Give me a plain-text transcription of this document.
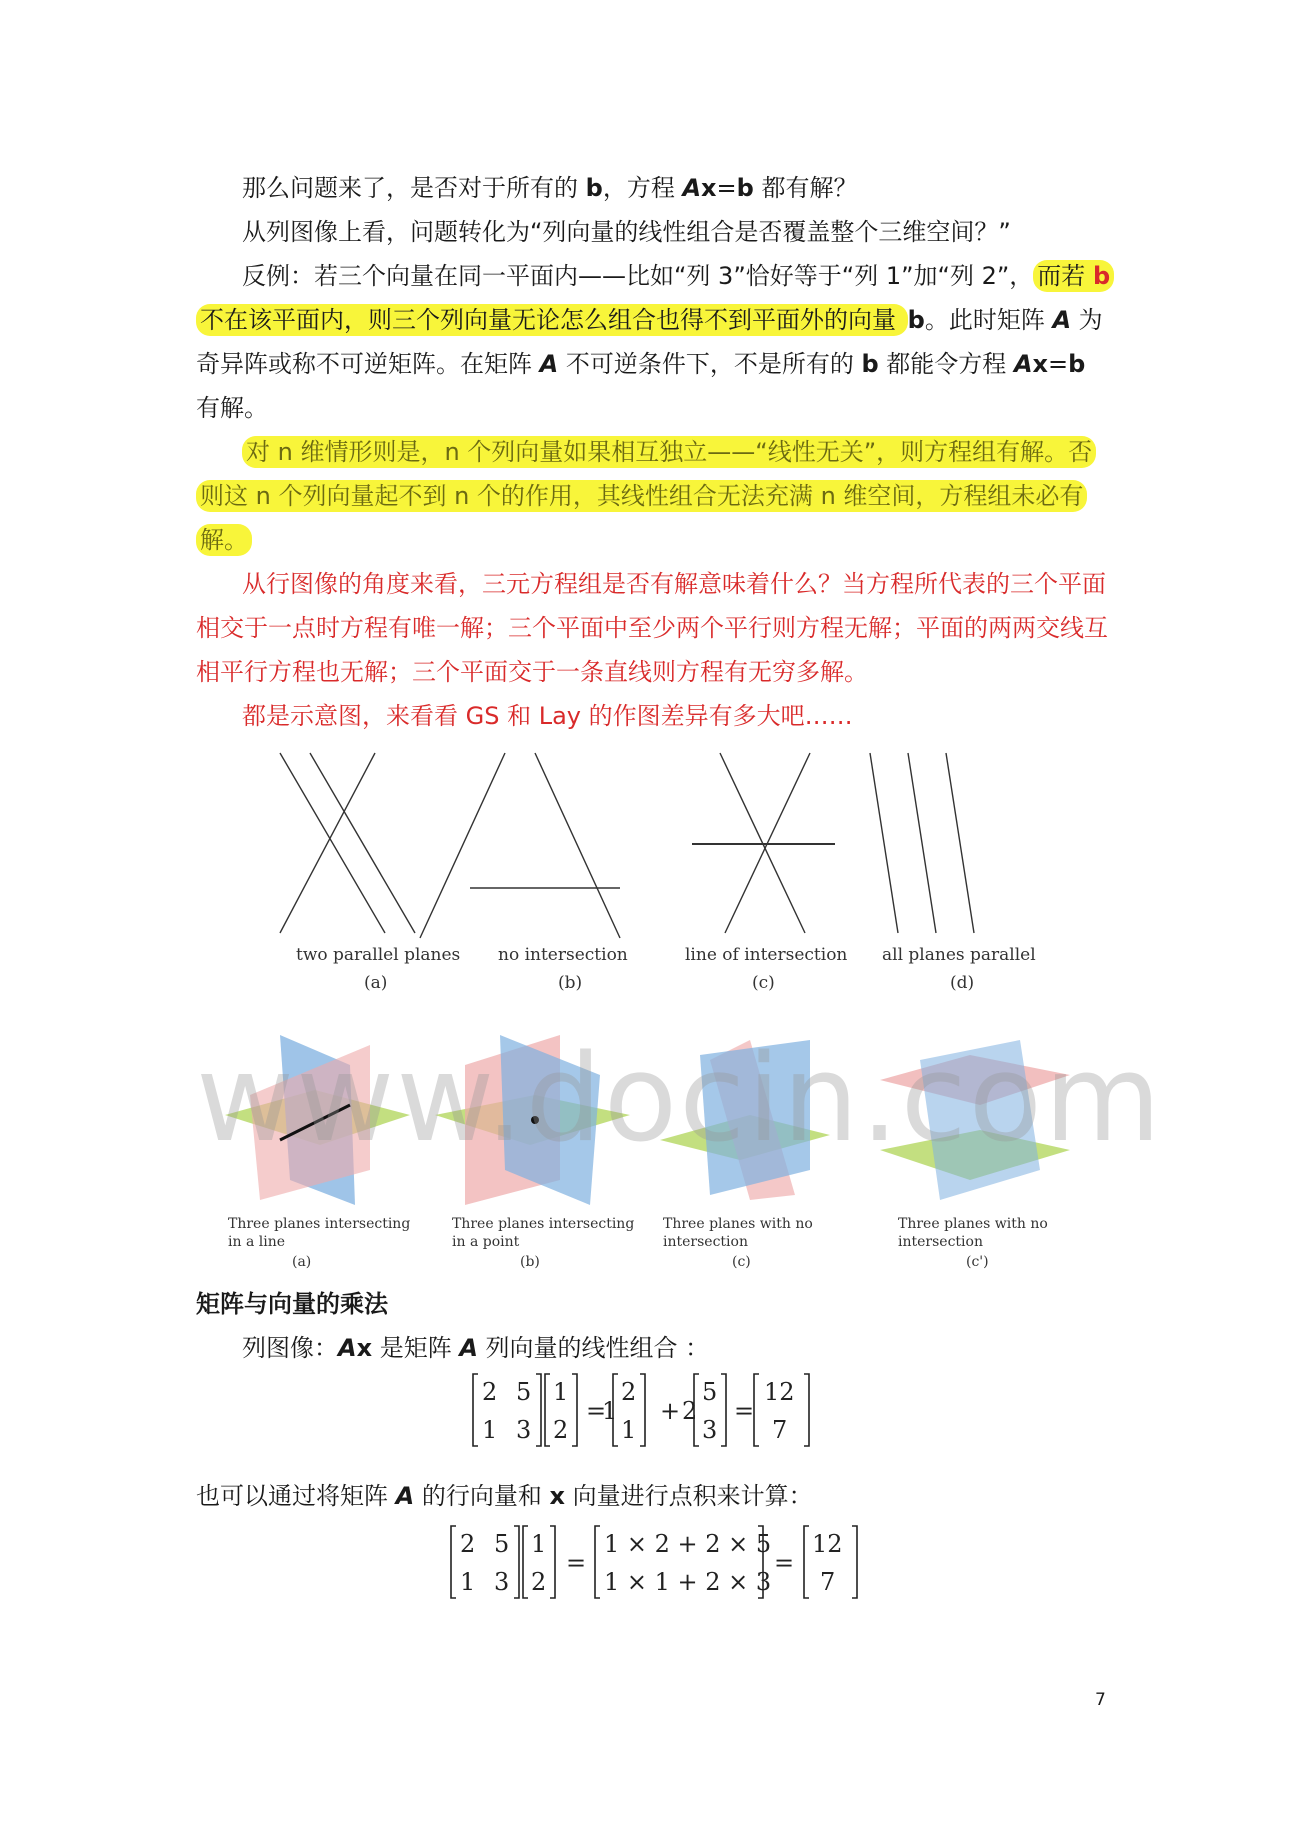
那么问题来了，是否对于所有的 b，方程 Ax=b 都有解？

从列图像上看，问题转化为“列向量的线性组合是否覆盖整个三维空间？”

反例：若三个向量在同一平面内——比如“列 3”恰好等于“列 1”加“列 2”， 而若 b 不在该平面内，则三个列向量无论怎么组合也得不到平面外的向量 b。此时矩阵 A 为奇异阵或称不可逆矩阵。在矩阵 A 不可逆条件下，不是所有的 b 都能令方程 Ax=b 有解。

对 n 维情形则是，n 个列向量如果相互独立——“线性无关”，则方程组有解。否则这 n 个列向量起不到 n 个的作用，其线性组合无法充满 n 维空间，方程组未必有解。

从行图像的角度来看，三元方程组是否有解意味着什么？当方程所代表的三个平面相交于一点时方程有唯一解；三个平面中至少两个平行则方程无解；平面的两两交线互相平行方程也无解；三个平面交于一条直线则方程有无穷多解。

都是示意图，来看看 GS 和 Lay 的作图差异有多大吧……

two parallel planes no intersection	line of intersection all planes parallel
(a)	(b)	(c)	(d)
Three planes intersecting
in a line
Three planes intersecting
in a point
Three planes with no
intersection
Three planes with no
intersection
(a)	(b)	(c)	(c')
www.docin.com

矩阵与向量的乘法

列图像：Ax 是矩阵 A 列向量的线性组合 ：

2 5
1 3
1
2
=
1
2
1
+ 2
5
3
=
12
7

也可以通过将矩阵 A 的行向量和 x 向量进行点积来计算：

2 5
1 3
1
2
=
1 × 2 + 2 × 5
1 × 1 + 2 × 3
=
12
7
7
